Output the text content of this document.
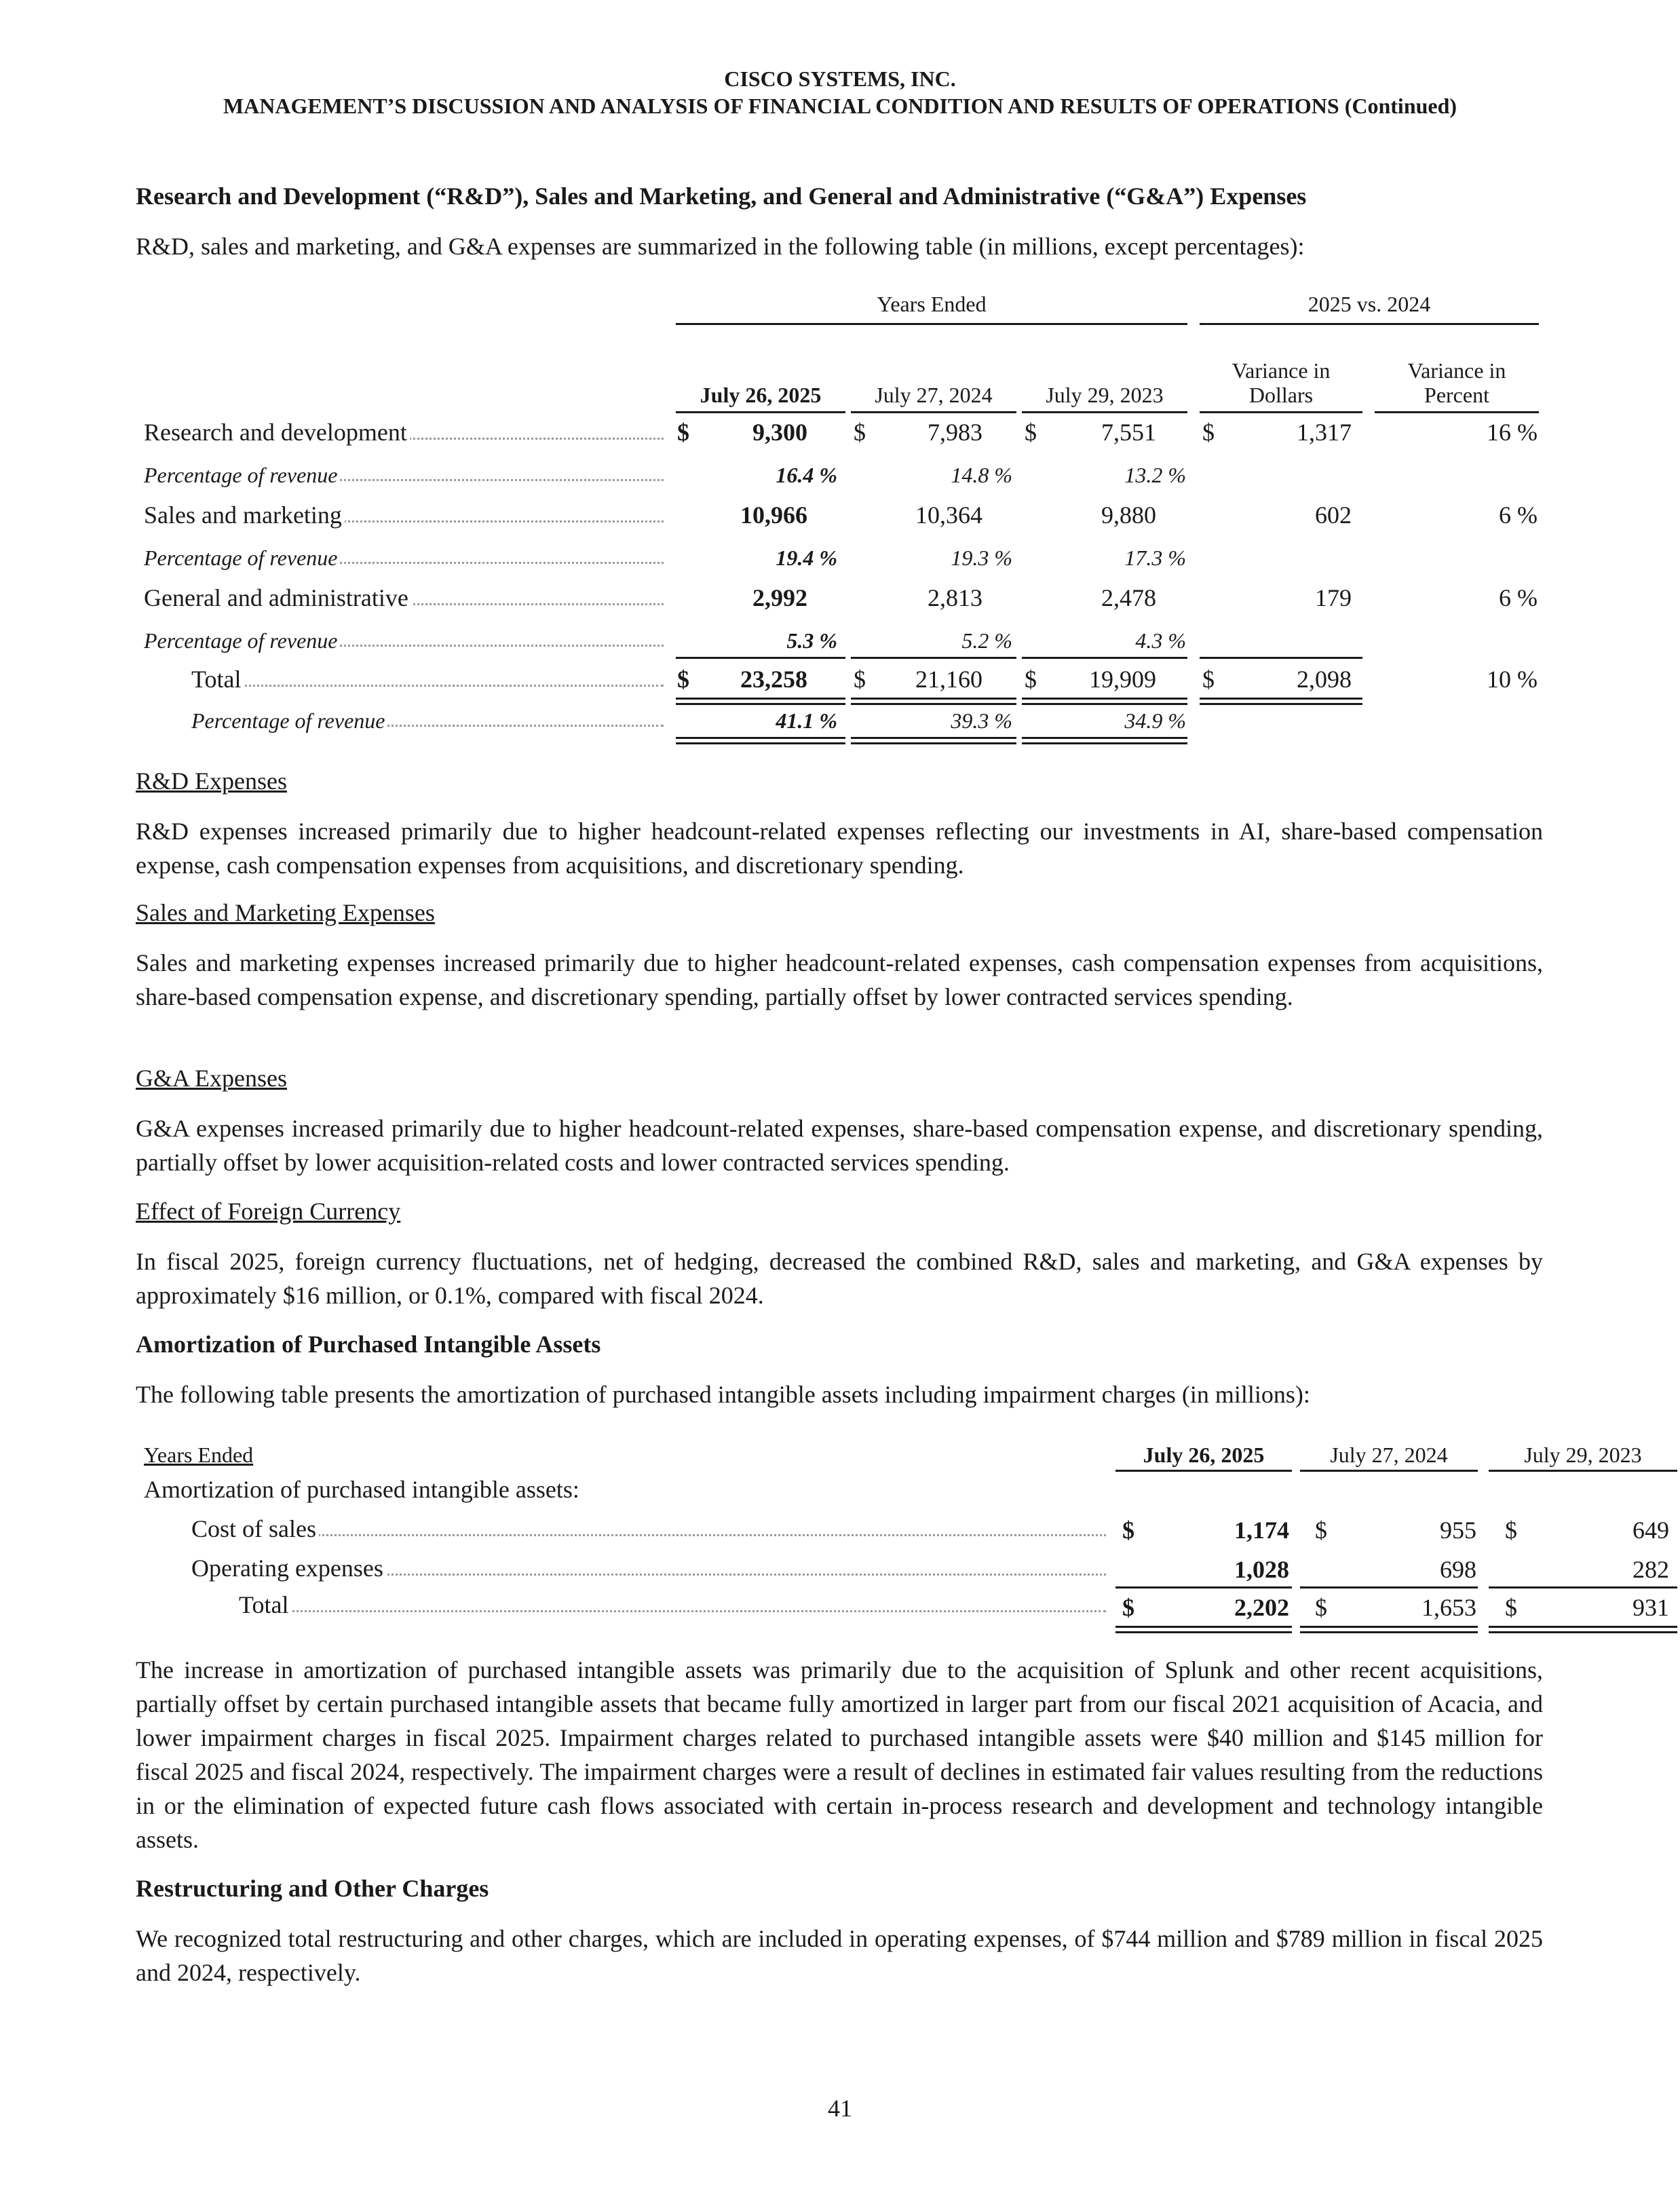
CISCO SYSTEMS, INC.
MANAGEMENT’S DISCUSSION AND ANALYSIS OF FINANCIAL CONDITION AND RESULTS OF OPERATIONS (Continued)
Research and Development (“R&D”), Sales and Marketing, and General and Administrative (“G&A”) Expenses
R&D, sales and marketing, and G&A expenses are summarized in the following table (in millions, except percentages):
Years Ended	2025 vs. 2024
July 26, 2025	July 27, 2024	July 29, 2023
Variance in Dollars
Variance in Percent
Research and development	$	9,300 $	7,983 $	7,551 $	1,317	16 %
Percentage of revenue	16.4 %	14.8 %	13.2 %
Sales and marketing	10,966	10,364	9,880	602	6 %
Percentage of revenue	19.4 %	19.3 %	17.3 %
General and administrative	2,992	2,813	2,478	179	6 %
Percentage of revenue	5.3 %	5.2 %	4.3 %
Total	$	23,258 $	21,160 $	19,909 $	2,098	10 %
Percentage of revenue	41.1 %	39.3 %	34.9 %
R&D Expenses
R&D expenses increased primarily due to higher headcount-related expenses reflecting our investments in AI, share-based compensation expense, cash compensation expenses from acquisitions, and discretionary spending.
Sales and Marketing Expenses
Sales and marketing expenses increased primarily due to higher headcount-related expenses, cash compensation expenses from acquisitions, share-based compensation expense, and discretionary spending, partially offset by lower contracted services spending.
G&A Expenses
G&A expenses increased primarily due to higher headcount-related expenses, share-based compensation expense, and discretionary spending, partially offset by lower acquisition-related costs and lower contracted services spending.
Effect of Foreign Currency
In fiscal 2025, foreign currency fluctuations, net of hedging, decreased the combined R&D, sales and marketing, and G&A expenses by approximately $16 million, or 0.1%, compared with fiscal 2024.
Amortization of Purchased Intangible Assets
The following table presents the amortization of purchased intangible assets including impairment charges (in millions):
Years Ended	July 26, 2025	July 27, 2024	July 29, 2023
Amortization of purchased intangible assets:
Cost of sales	$	1,174 $	955 $	649
Operating expenses	1,028	698	282
Total	$	2,202 $	1,653 $	931
The increase in amortization of purchased intangible assets was primarily due to the acquisition of Splunk and other recent acquisitions, partially offset by certain purchased intangible assets that became fully amortized in larger part from our fiscal 2021 acquisition of Acacia, and lower impairment charges in fiscal 2025. Impairment charges related to purchased intangible assets were $40 million and $145 million for fiscal 2025 and fiscal 2024, respectively. The impairment charges were a result of declines in estimated fair values resulting from the reductions in or the elimination of expected future cash flows associated with certain in-process research and development and technology intangible assets.
Restructuring and Other Charges
We recognized total restructuring and other charges, which are included in operating expenses, of $744 million and $789 million in fiscal 2025 and 2024, respectively.
41
